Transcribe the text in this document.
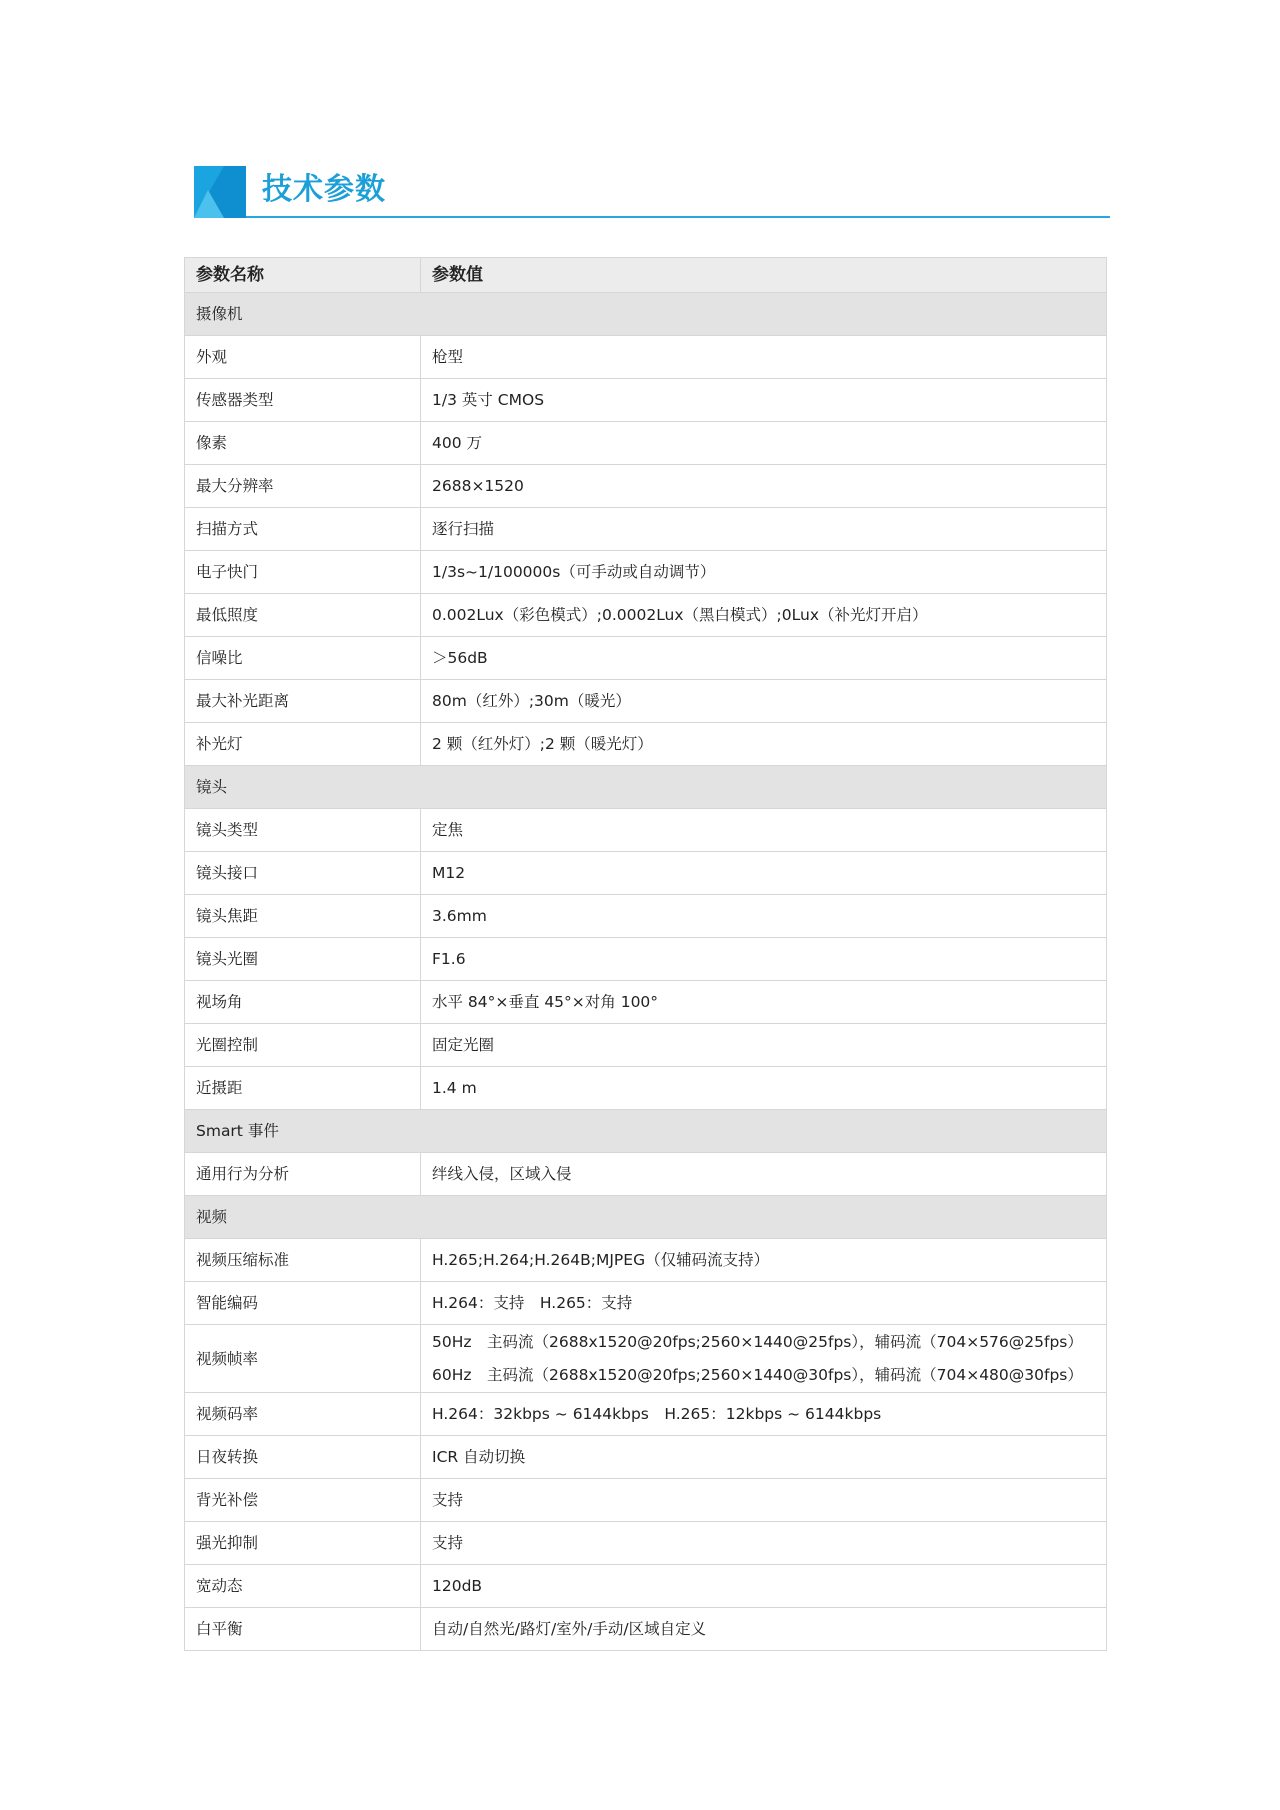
技术参数
参数名称	参数值
摄像机	
外观	枪型
传感器类型	1/3 英寸 CMOS
像素	400 万
最大分辨率	2688×1520
扫描方式	逐行扫描
电子快门	1/3s~1/100000s（可手动或自动调节）
最低照度	0.002Lux（彩色模式）;0.0002Lux（黑白模式）;0Lux（补光灯开启）
信噪比	＞56dB
最大补光距离	80m（红外）;30m（暖光）
补光灯	2 颗（红外灯）;2 颗（暖光灯）
镜头	
镜头类型	定焦
镜头接口	M12
镜头焦距	3.6mm
镜头光圈	F1.6
视场角	水平 84°×垂直 45°×对角 100°
光圈控制	固定光圈
近摄距	1.4 m
Smart 事件	
通用行为分析	绊线入侵，区域入侵
视频	
视频压缩标准	H.265;H.264;H.264B;MJPEG（仅辅码流支持）
智能编码	H.264：支持　H.265：支持
视频帧率	50Hz　主码流（2688x1520@20fps;2560×1440@25fps），辅码流（704×576@25fps）
60Hz　主码流（2688x1520@20fps;2560×1440@30fps），辅码流（704×480@30fps）

视频码率	H.264：32kbps ~ 6144kbps　H.265：12kbps ~ 6144kbps
日夜转换	ICR 自动切换
背光补偿	支持
强光抑制	支持
宽动态	120dB
白平衡	自动/自然光/路灯/室外/手动/区域自定义
